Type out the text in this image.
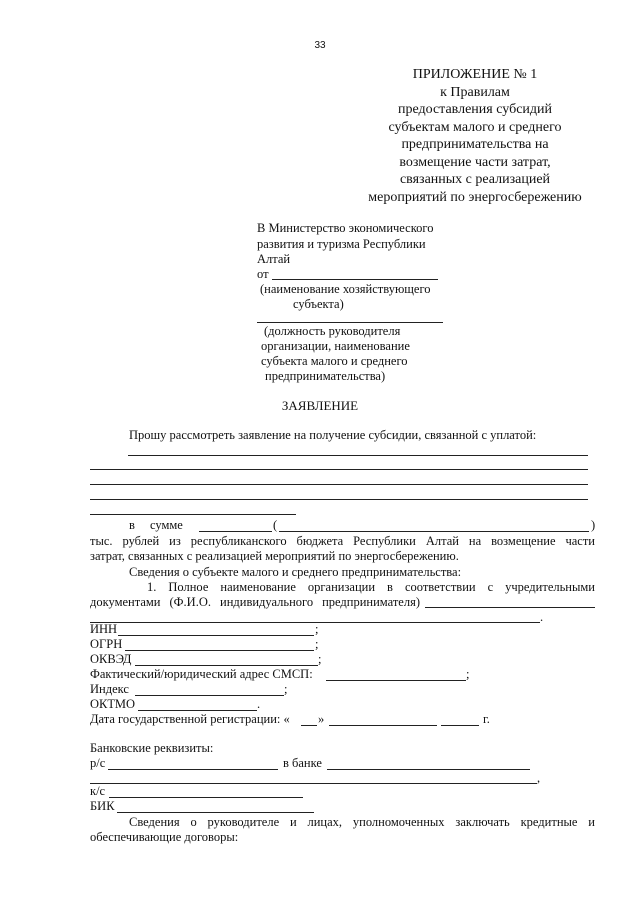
33
ПРИЛОЖЕНИЕ № 1
к Правилам
предоставления субсидий
субъектам малого и среднего
предпринимательства на
возмещение части затрат,
связанных с реализацией
мероприятий по энергосбережению
В Министерство экономического
развития и туризма Республики
Алтай
от
(наименование хозяйствующего
субъекта)
(должность руководителя
организации, наименование
субъекта малого и среднего
предпринимательства)
ЗАЯВЛЕНИЕ
Прошу рассмотреть заявление на получение субсидии, связанной с уплатой:
в сумме	(	)
тыс. рублей из республиканского бюджета Республики Алтай на возмещение части
затрат, связанных с реализацией мероприятий по энергосбережению.
Сведения о субъекте малого и среднего предпринимательства:
1. Полное наименование организации в соответствии с учредительными
документами (Ф.И.О. индивидуального предпринимателя)
.
ИНН	;
ОГРН	;
ОКВЭД	;
Фактический/юридический адрес СМСП:	;
Индекс	;
ОКТМО	.
Дата государственной регистрации: « »	г.
Банковские реквизиты:
р/с	в банке
,
к/с
БИК
Сведения о руководителе и лицах, уполномоченных заключать кредитные и
обеспечивающие договоры:
